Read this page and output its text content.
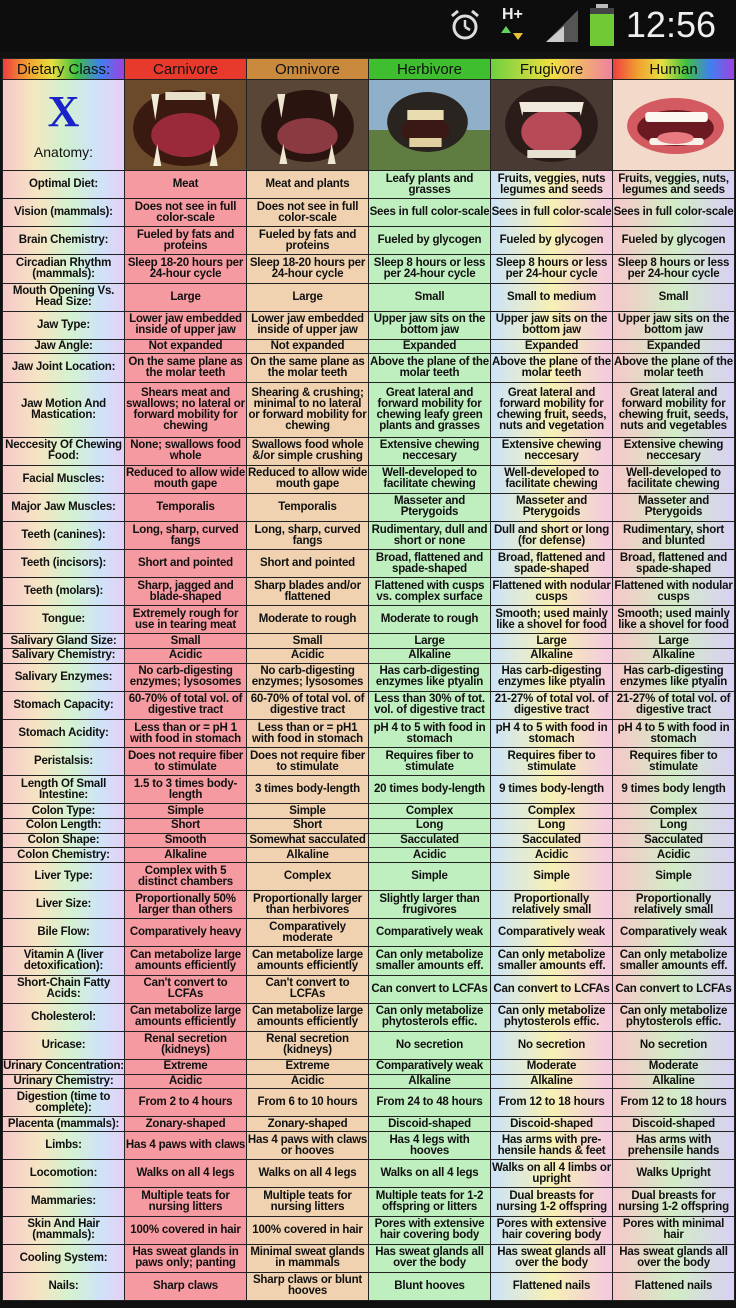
H+	12:56
Dietary Class:	Carnivore	Omnivore	Herbivore	Frugivore	Human

X
Anatomy:

Optimal Diet:	Meat	Meat and plants	Leafy plants and grasses	Fruits, veggies, nuts legumes and seeds	Fruits, veggies, nuts, legumes and seeds
Vision (mammals):	Does not see in full color-scale	Does not see in full color-scale	Sees in full color-scale	Sees in full color-scale	Sees in full color-scale
Brain Chemistry:	Fueled by fats and proteins	Fueled by fats and proteins	Fueled by glycogen	Fueled by glycogen	Fueled by glycogen
Circadian Rhythm (mammals):	Sleep 18-20 hours per 24-hour cycle	Sleep 18-20 hours per 24-hour cycle	Sleep 8 hours or less per 24-hour cycle	Sleep 8 hours or less per 24-hour cycle	Sleep 8 hours or less per 24-hour cycle
Mouth Opening Vs. Head Size:	Large	Large	Small	Small to medium	Small
Jaw Type:	Lower jaw embedded inside of upper jaw	Lower jaw embedded inside of upper jaw	Upper jaw sits on the bottom jaw	Upper jaw sits on the bottom jaw	Upper jaw sits on the bottom jaw
Jaw Angle:	Not expanded	Not expanded	Expanded	Expanded	Expanded
Jaw Joint Location:	On the same plane as the molar teeth	On the same plane as the molar teeth	Above the plane of the molar teeth	Above the plane of the molar teeth	Above the plane of the molar teeth
Jaw Motion And Mastication:	Shears meat and swallows; no lateral or forward mobility for chewing	Shearing & crushing; minimal to no lateral or forward mobility for chewing	Great lateral and forward mobility for chewing leafy green plants and grasses	Great lateral and forward mobility for chewing fruit, seeds, nuts and vegetation	Great lateral and forward mobility for chewing fruit, seeds, nuts and vegetables
Neccesity Of Chewing Food:	None; swallows food whole	Swallows food whole &/or simple crushing	Extensive chewing neccesary	Extensive chewing neccesary	Extensive chewing neccesary
Facial Muscles:	Reduced to allow wide mouth gape	Reduced to allow wide mouth gape	Well-developed to facilitate chewing	Well-developed to facilitate chewing	Well-developed to facilitate chewing
Major Jaw Muscles:	Temporalis	Temporalis	Masseter and Pterygoids	Masseter and Pterygoids	Masseter and Pterygoids
Teeth (canines):	Long, sharp, curved fangs	Long, sharp, curved fangs	Rudimentary, dull and short or none	Dull and short or long (for defense)	Rudimentary, short and blunted
Teeth (incisors):	Short and pointed	Short and pointed	Broad, flattened and spade-shaped	Broad, flattened and spade-shaped	Broad, flattened and spade-shaped
Teeth (molars):	Sharp, jagged and blade-shaped	Sharp blades and/or flattened	Flattened with cusps vs. complex surface	Flattened with nodular cusps	Flattened with nodular cusps
Tongue:	Extremely rough for use in tearing meat	Moderate to rough	Moderate to rough	Smooth; used mainly like a shovel for food	Smooth; used mainly like a shovel for food
Salivary Gland Size:	Small	Small	Large	Large	Large
Salivary Chemistry:	Acidic	Acidic	Alkaline	Alkaline	Alkaline
Salivary Enzymes:	No carb-digesting enzymes; lysosomes	No carb-digesting enzymes; lysosomes	Has carb-digesting enzymes like ptyalin	Has carb-digesting enzymes like ptyalin	Has carb-digesting enzymes like ptyalin
Stomach Capacity:	60-70% of total vol. of digestive tract	60-70% of total vol. of digestive tract	Less than 30% of tot. vol. of digestive tract	21-27% of total vol. of digestive tract	21-27% of total vol. of digestive tract
Stomach Acidity:	Less than or = pH 1 with food in stomach	Less than or = pH1 with food in stomach	pH 4 to 5 with food in stomach	pH 4 to 5 with food in stomach	pH 4 to 5 with food in stomach
Peristalsis:	Does not require fiber to stimulate	Does not require fiber to stimulate	Requires fiber to stimulate	Requires fiber to stimulate	Requires fiber to stimulate
Length Of Small Intestine:	1.5 to 3 times body-length	3 times body-length	20 times body-length	9 times body-length	9 times body length
Colon Type:	Simple	Simple	Complex	Complex	Complex
Colon Length:	Short	Short	Long	Long	Long
Colon Shape:	Smooth	Somewhat sacculated	Sacculated	Sacculated	Sacculated
Colon Chemistry:	Alkaline	Alkaline	Acidic	Acidic	Acidic
Liver Type:	Complex with 5 distinct chambers	Complex	Simple	Simple	Simple
Liver Size:	Proportionally 50% larger than others	Proportionally larger than herbivores	Slightly larger than frugivores	Proportionally relatively small	Proportionally relatively small
Bile Flow:	Comparatively heavy	Comparatively moderate	Comparatively weak	Comparatively weak	Comparatively weak
Vitamin A (liver detoxification):	Can metabolize large amounts efficiently	Can metabolize large amounts efficiently	Can only metabolize smaller amounts eff.	Can only metabolize smaller amounts eff.	Can only metabolize smaller amounts eff.
Short-Chain Fatty Acids:	Can't convert to LCFAs	Can't convert to LCFAs	Can convert to LCFAs	Can convert to LCFAs	Can convert to LCFAs
Cholesterol:	Can metabolize large amounts efficiently	Can metabolize large amounts efficiently	Can only metabolize phytosterols effic.	Can only metabolize phytosterols effic.	Can only metabolize phytosterols effic.
Uricase:	Renal secretion (kidneys)	Renal secretion (kidneys)	No secretion	No secretion	No secretion
Urinary Concentration:	Extreme	Extreme	Comparatively weak	Moderate	Moderate
Urinary Chemistry:	Acidic	Acidic	Alkaline	Alkaline	Alkaline
Digestion (time to complete):	From 2 to 4 hours	From 6 to 10 hours	From 24 to 48 hours	From 12 to 18 hours	From 12 to 18 hours
Placenta (mammals):	Zonary-shaped	Zonary-shaped	Discoid-shaped	Discoid-shaped	Discoid-shaped
Limbs:	Has 4 paws with claws	Has 4 paws with claws or hooves	Has 4 legs with hooves	Has arms with pre-hensile hands & feet	Has arms with prehensile hands
Locomotion:	Walks on all 4 legs	Walks on all 4 legs	Walks on all 4 legs	Walks on all 4 limbs or upright	Walks Upright
Mammaries:	Multiple teats for nursing litters	Multiple teats for nursing litters	Multiple teats for 1-2 offspring or litters	Dual breasts for nursing 1-2 offspring	Dual breasts for nursing 1-2 offspring
Skin And Hair (mammals):	100% covered in hair	100% covered in hair	Pores with extensive hair covering body	Pores with extensive hair covering body	Pores with minimal hair
Cooling System:	Has sweat glands in paws only; panting	Minimal sweat glands in mammals	Has sweat glands all over the body	Has sweat glands all over the body	Has sweat glands all over the body
Nails:	Sharp claws	Sharp claws or blunt hooves	Blunt hooves	Flattened nails	Flattened nails
